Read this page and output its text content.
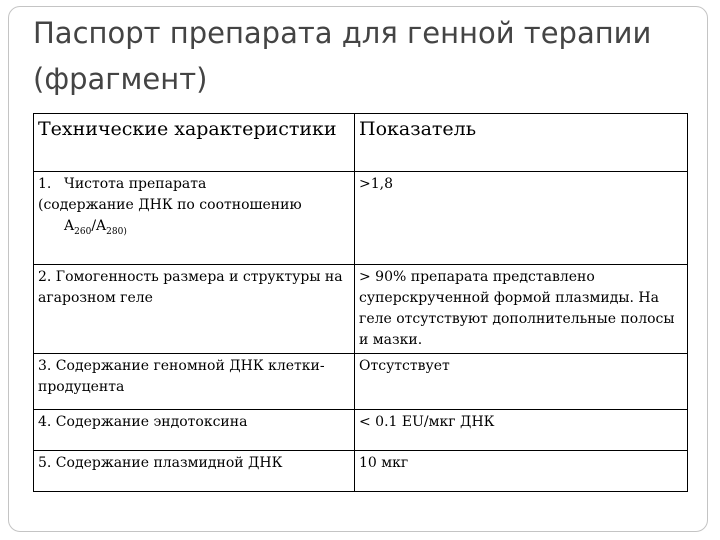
Паспорт препарата для генной терапии (фрагмент)
Технические характеристики	Показатель
1. Чистота препарата
(содержание ДНК по соотношению

$A_{260}/A_{280)}$	>1,8
2. Гомогенность размера и структуры на агарозном геле	> 90% препарата представлено суперскрученной формой плазмиды. На геле отсутствуют дополнительные полосы и мазки.
3. Содержание геномной ДНК клетки-продуцента	Отсутствует
4. Содержание эндотоксина	< 0.1 EU/мкг ДНК
5. Содержание плазмидной ДНК	10 мкг
